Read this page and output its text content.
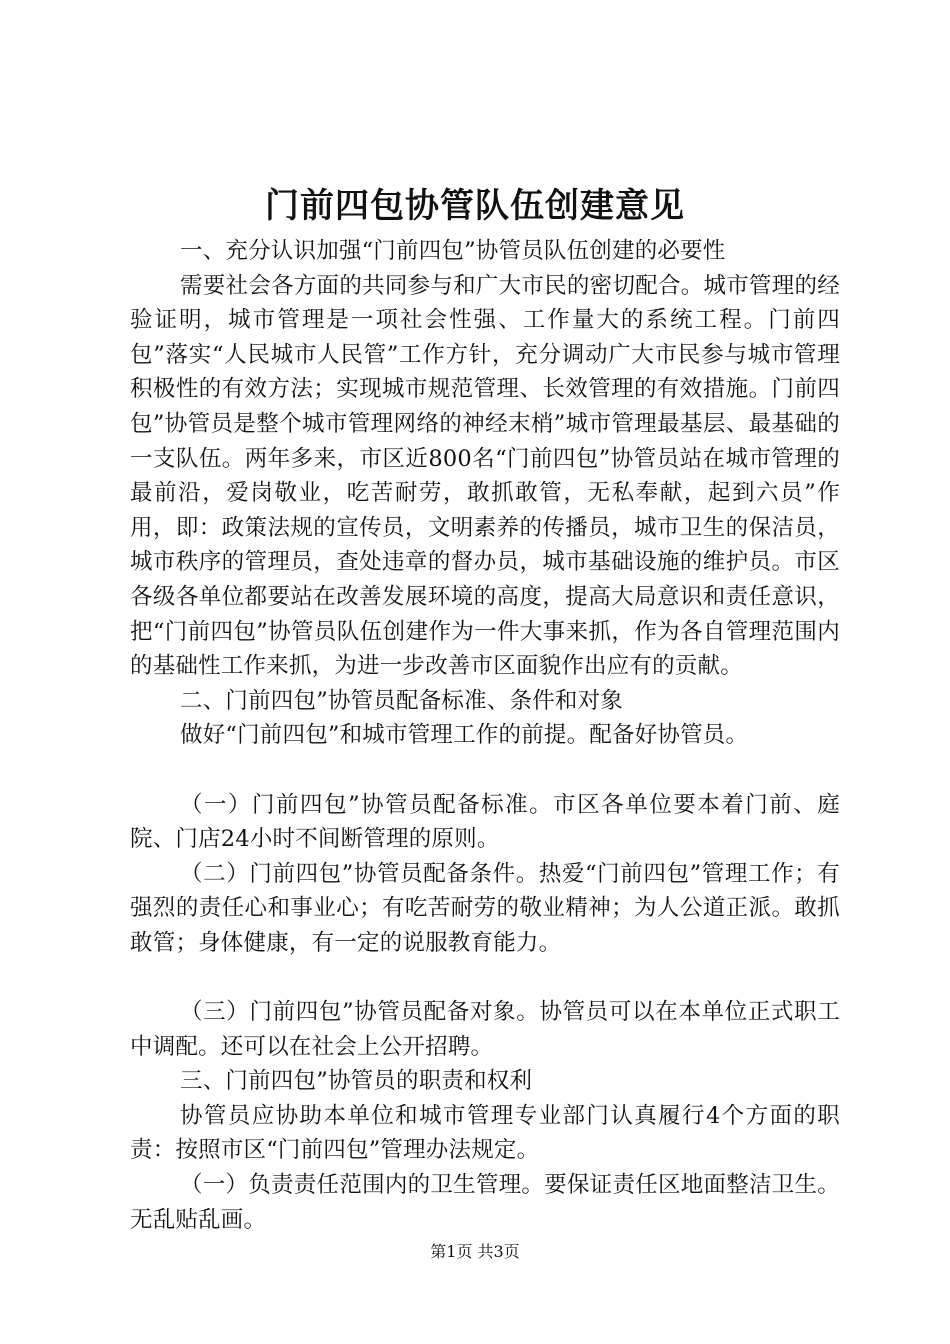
门前四包协管队伍创建意见

一、充分认识加强“门前四包”协管员队伍创建的必要性

需要社会各方面的共同参与和广大市民的密切配合。城市管理的经验证明，城市管理是一项社会性强、工作量大的系统工程。门前四包”落实“人民城市人民管”工作方针，充分调动广大市民参与城市管理积极性的有效方法；实现城市规范管理、长效管理的有效措施。门前四包”协管员是整个城市管理网络的神经末梢”城市管理最基层、最基础的一支队伍。两年多来，市区近800名“门前四包”协管员站在城市管理的最前沿，爱岗敬业，吃苦耐劳，敢抓敢管，无私奉献，起到六员”作用，即：政策法规的宣传员，文明素养的传播员，城市卫生的保洁员，城市秩序的管理员，查处违章的督办员，城市基础设施的维护员。市区各级各单位都要站在改善发展环境的高度，提高大局意识和责任意识，把“门前四包”协管员队伍创建作为一件大事来抓，作为各自管理范围内的基础性工作来抓，为进一步改善市区面貌作出应有的贡献。

二、门前四包”协管员配备标准、条件和对象

做好“门前四包”和城市管理工作的前提。配备好协管员。

（一）门前四包”协管员配备标准。市区各单位要本着门前、庭院、门店24小时不间断管理的原则。

（二）门前四包”协管员配备条件。热爱“门前四包”管理工作；有强烈的责任心和事业心；有吃苦耐劳的敬业精神；为人公道正派。敢抓敢管；身体健康，有一定的说服教育能力。

（三）门前四包”协管员配备对象。协管员可以在本单位正式职工中调配。还可以在社会上公开招聘。

三、门前四包”协管员的职责和权利

协管员应协助本单位和城市管理专业部门认真履行4个方面的职责：按照市区“门前四包”管理办法规定。

（一）负责责任范围内的卫生管理。要保证责任区地面整洁卫生。无乱贴乱画。

第1页 共3页
